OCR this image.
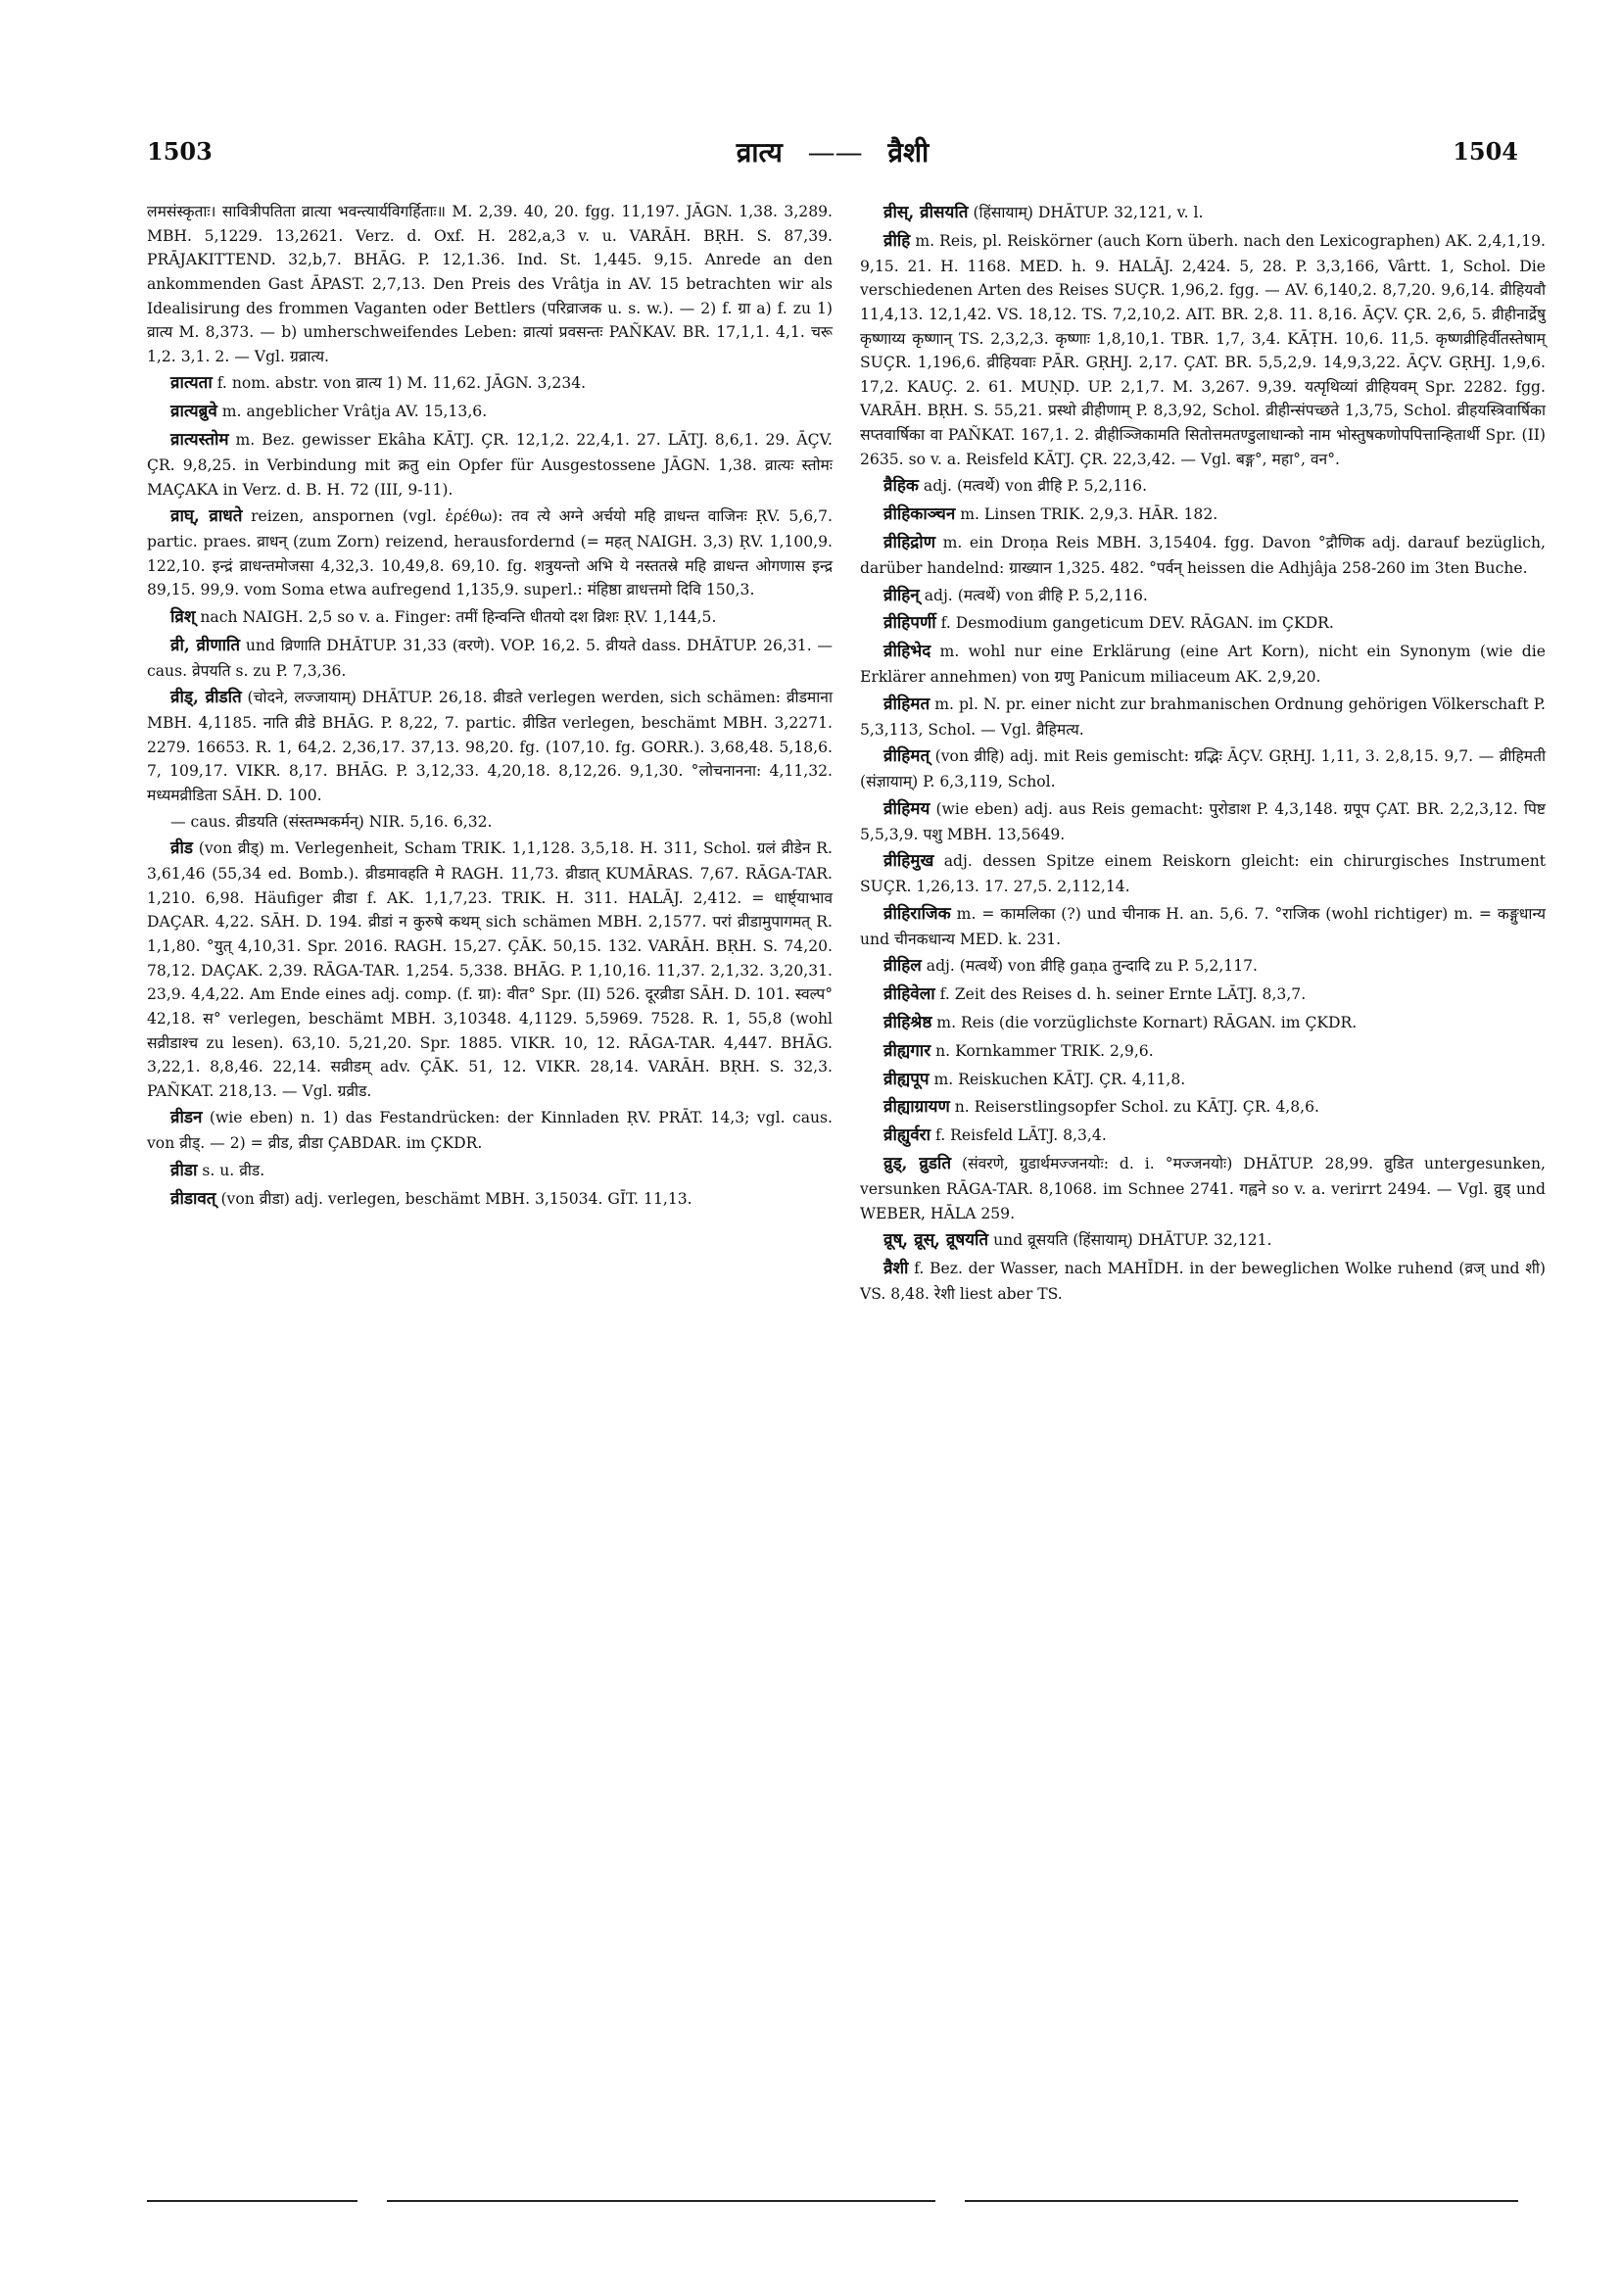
1503	व्रात्य —— व्रैशी	1504

लमसंस्कृताः। सावित्रीपतिता व्रात्या भवन्त्यार्यविगर्हिताः॥ M. 2,39. 40, 20. fgg. 11,197. JĀGN. 1,38. 3,289. MBH. 5,1229. 13,2621. Verz. d. Oxf. H. 282,a,3 v. u. VARĀH. BṚH. S. 87,39. PRĀJAKITTEND. 32,b,7. BHĀG. P. 12,1.36. Ind. St. 1,445. 9,15. Anrede an den ankommenden Gast ĀPAST. 2,7,13. Den Preis des Vrâtja in AV. 15 betrachten wir als Idealisirung des frommen Vaganten oder Bettlers (परिव्राजक u. s. w.). — 2) f. ग्रा a) f. zu 1) व्रात्य M. 8,373. — b) umherschweifendes Leben: व्रात्यां प्रवसन्तः PAÑKAV. BR. 17,1,1. 4,1. चरू 1,2. 3,1. 2. — Vgl. ग्रव्रात्य.

व्रात्यता f. nom. abstr. von व्रात्य 1) M. 11,62. JĀGN. 3,234.

व्रात्यब्रुवे m. angeblicher Vrâtja AV. 15,13,6.

व्रात्यस्तोम m. Bez. gewisser Ekâha KĀTJ. ÇR. 12,1,2. 22,4,1. 27. LĀTJ. 8,6,1. 29. ĀÇV. ÇR. 9,8,25. in Verbindung mit क्रतु ein Opfer für Ausgestossene JĀGN. 1,38. व्रात्यः स्तोमः MAÇAKA in Verz. d. B. H. 72 (III, 9-11).

व्राघ्, व्राधते reizen, anspornen (vgl. ἐρέθω): तव त्ये अग्ने अर्चयो महि व्राधन्त वाजिनः ṚV. 5,6,7. partic. praes. व्राधन् (zum Zorn) reizend, herausfordernd (= महत् NAIGH. 3,3) ṚV. 1,100,9. 122,10. इन्द्रं व्राधन्तमोजसा 4,32,3. 10,49,8. 69,10. fg. शत्रुयन्तो अभि ये नस्ततस्रे महि व्राधन्त ओगणास इन्द्र 89,15. 99,9. vom Soma etwa aufregend 1,135,9. superl.: मंहिष्ठा व्राधत्तमो दिवि 150,3.

व्रिश् nach NAIGH. 2,5 so v. a. Finger: तमीं हिन्वन्ति धीतयो दश व्रिशः ṚV. 1,144,5.

व्री, व्रीणाति und व्रिणाति DHĀTUP. 31,33 (वरणे). VOP. 16,2. 5. व्रीयते dass. DHĀTUP. 26,31. — caus. व्रेपयति s. zu P. 7,3,36.

व्रीड्, व्रीडति (चोदने, लज्जायाम्) DHĀTUP. 26,18. व्रीडते verlegen werden, sich schämen: व्रीडमाना MBH. 4,1185. नाति व्रीडे BHĀG. P. 8,22, 7. partic. व्रीडित verlegen, beschämt MBH. 3,2271. 2279. 16653. R. 1, 64,2. 2,36,17. 37,13. 98,20. fg. (107,10. fg. GORR.). 3,68,48. 5,18,6. 7, 109,17. VIKR. 8,17. BHĀG. P. 3,12,33. 4,20,18. 8,12,26. 9,1,30. °लोचनानना: 4,11,32. मध्यमव्रीडिता SĀH. D. 100.

— caus. व्रीडयति (संस्तम्भकर्मन्) NIR. 5,16. 6,32.

व्रीड (von व्रीड्) m. Verlegenheit, Scham TRIK. 1,1,128. 3,5,18. H. 311, Schol. ग्रलं व्रीडेन R. 3,61,46 (55,34 ed. Bomb.). व्रीडमावहति मे RAGH. 11,73. व्रीडात् KUMĀRAS. 7,67. RĀGA-TAR. 1,210. 6,98. Häufiger व्रीडा f. AK. 1,1,7,23. TRIK. H. 311. HALĀJ. 2,412. = धार्ष्ट्याभाव DAÇAR. 4,22. SĀH. D. 194. व्रीडां न कुरुषे कथम् sich schämen MBH. 2,1577. परां व्रीडामुपागमत् R. 1,1,80. °युत् 4,10,31. Spr. 2016. RAGH. 15,27. ÇĀK. 50,15. 132. VARĀH. BṚH. S. 74,20. 78,12. DAÇAK. 2,39. RĀGA-TAR. 1,254. 5,338. BHĀG. P. 1,10,16. 11,37. 2,1,32. 3,20,31. 23,9. 4,4,22. Am Ende eines adj. comp. (f. ग्रा): वीत° Spr. (II) 526. दूरव्रीडा SĀH. D. 101. स्वल्प° 42,18. स° verlegen, beschämt MBH. 3,10348. 4,1129. 5,5969. 7528. R. 1, 55,8 (wohl सव्रीडाश्च zu lesen). 63,10. 5,21,20. Spr. 1885. VIKR. 10, 12. RĀGA-TAR. 4,447. BHĀG. 3,22,1. 8,8,46. 22,14. सव्रीडम् adv. ÇĀK. 51, 12. VIKR. 28,14. VARĀH. BṚH. S. 32,3. PAÑKAT. 218,13. — Vgl. ग्रव्रीड.

व्रीडन (wie eben) n. 1) das Festandrücken: der Kinnladen ṚV. PRĀT. 14,3; vgl. caus. von व्रीड्. — 2) = व्रीड, व्रीडा ÇABDAR. im ÇKDR.

व्रीडा s. u. व्रीड.

व्रीडावत् (von व्रीडा) adj. verlegen, beschämt MBH. 3,15034. GĪT. 11,13.

व्रीस्, व्रीसयति (हिंसायाम्) DHĀTUP. 32,121, v. l.

व्रीहि m. Reis, pl. Reiskörner (auch Korn überh. nach den Lexicographen) AK. 2,4,1,19. 9,15. 21. H. 1168. MED. h. 9. HALĀJ. 2,424. 5, 28. P. 3,3,166, Vârtt. 1, Schol. Die verschiedenen Arten des Reises SUÇR. 1,96,2. fgg. — AV. 6,140,2. 8,7,20. 9,6,14. व्रीहियवौ 11,4,13. 12,1,42. VS. 18,12. TS. 7,2,10,2. AIT. BR. 2,8. 11. 8,16. ĀÇV. ÇR. 2,6, 5. व्रीहीनार्द्रेषु कृष्णाय्य कृष्णान् TS. 2,3,2,3. कृष्णाः 1,8,10,1. TBR. 1,7, 3,4. KĀṬH. 10,6. 11,5. कृष्णव्रीहिर्वीतस्तेषाम् SUÇR. 1,196,6. व्रीहियवाः PĀR. GṚHJ. 2,17. ÇAT. BR. 5,5,2,9. 14,9,3,22. ĀÇV. GṚHJ. 1,9,6. 17,2. KAUÇ. 2. 61. MUṆḌ. UP. 2,1,7. M. 3,267. 9,39. यत्पृथिव्यां व्रीहियवम् Spr. 2282. fgg. VARĀH. BṚH. S. 55,21. प्रस्थो व्रीहीणाम् P. 8,3,92, Schol. व्रीहीन्संपच्छते 1,3,75, Schol. व्रीहयस्त्रिवार्षिका सप्तवार्षिका वा PAÑKAT. 167,1. 2. व्रीहीञ्जिकामति सितोत्तमतण्डुलाधान्को नाम भोस्तुषकणोपपित्तान्हितार्थी Spr. (II) 2635. so v. a. Reisfeld KĀTJ. ÇR. 22,3,42. — Vgl. बङ्ग°, महा°, वन°.

व्रैहिक adj. (मत्वर्थे) von व्रीहि P. 5,2,116.

व्रीहिकाञ्चन m. Linsen TRIK. 2,9,3. HĀR. 182.

व्रीहिद्रोण m. ein Droṇa Reis MBH. 3,15404. fgg. Davon °द्रौणिक adj. darauf bezüglich, darüber handelnd: ग्राख्यान 1,325. 482. °पर्वन् heissen die Adhjâja 258-260 im 3ten Buche.

व्रीहिन् adj. (मत्वर्थे) von व्रीहि P. 5,2,116.

व्रीहिपर्णी f. Desmodium gangeticum DEV. RĀGAN. im ÇKDR.

व्रीहिभेद m. wohl nur eine Erklärung (eine Art Korn), nicht ein Synonym (wie die Erklärer annehmen) von ग्रणु Panicum miliaceum AK. 2,9,20.

व्रीहिमत m. pl. N. pr. einer nicht zur brahmanischen Ordnung gehörigen Völkerschaft P. 5,3,113, Schol. — Vgl. व्रैहिमत्य.

व्रीहिमत् (von व्रीहि) adj. mit Reis gemischt: ग्रद्भिः ĀÇV. GṚHJ. 1,11, 3. 2,8,15. 9,7. — व्रीहिमती (संज्ञायाम्) P. 6,3,119, Schol.

व्रीहिमय (wie eben) adj. aus Reis gemacht: पुरोडाश P. 4,3,148. ग्रपूप ÇAT. BR. 2,2,3,12. पिष्ट 5,5,3,9. पशु MBH. 13,5649.

व्रीहिमुख adj. dessen Spitze einem Reiskorn gleicht: ein chirurgisches Instrument SUÇR. 1,26,13. 17. 27,5. 2,112,14.

व्रीहिराजिक m. = कामलिका (?) und चीनाक H. an. 5,6. 7. °राजिक (wohl richtiger) m. = कङ्गुधान्य und चीनकधान्य MED. k. 231.

व्रीहिल adj. (मत्वर्थे) von व्रीहि gaṇa तुन्दादि zu P. 5,2,117.

व्रीहिवेला f. Zeit des Reises d. h. seiner Ernte LĀTJ. 8,3,7.

व्रीहिश्रेष्ठ m. Reis (die vorzüglichste Kornart) RĀGAN. im ÇKDR.

व्रीह्यगार n. Kornkammer TRIK. 2,9,6.

व्रीह्यपूप m. Reiskuchen KĀTJ. ÇR. 4,11,8.

व्रीह्याग्रायण n. Reiserstlingsopfer Schol. zu KĀTJ. ÇR. 4,8,6.

व्रीह्युर्वरा f. Reisfeld LĀTJ. 8,3,4.

व्रुड्, व्रुडति (संवरणे, ग्रुडार्थमज्जनयोः: d. i. °मज्जनयोः) DHĀTUP. 28,99. व्रुडित untergesunken, versunken RĀGA-TAR. 8,1068. im Schnee 2741. गह्वने so v. a. verirrt 2494. — Vgl. व्रुड् und WEBER, HĀLA 259.

व्रूष्, व्रूस्, व्रूषयति und व्रूसयति (हिंसायाम्) DHĀTUP. 32,121.

व्रैशी f. Bez. der Wasser, nach MAHĪDH. in der beweglichen Wolke ruhend (व्रज् und शी) VS. 8,48. रेशी liest aber TS.
